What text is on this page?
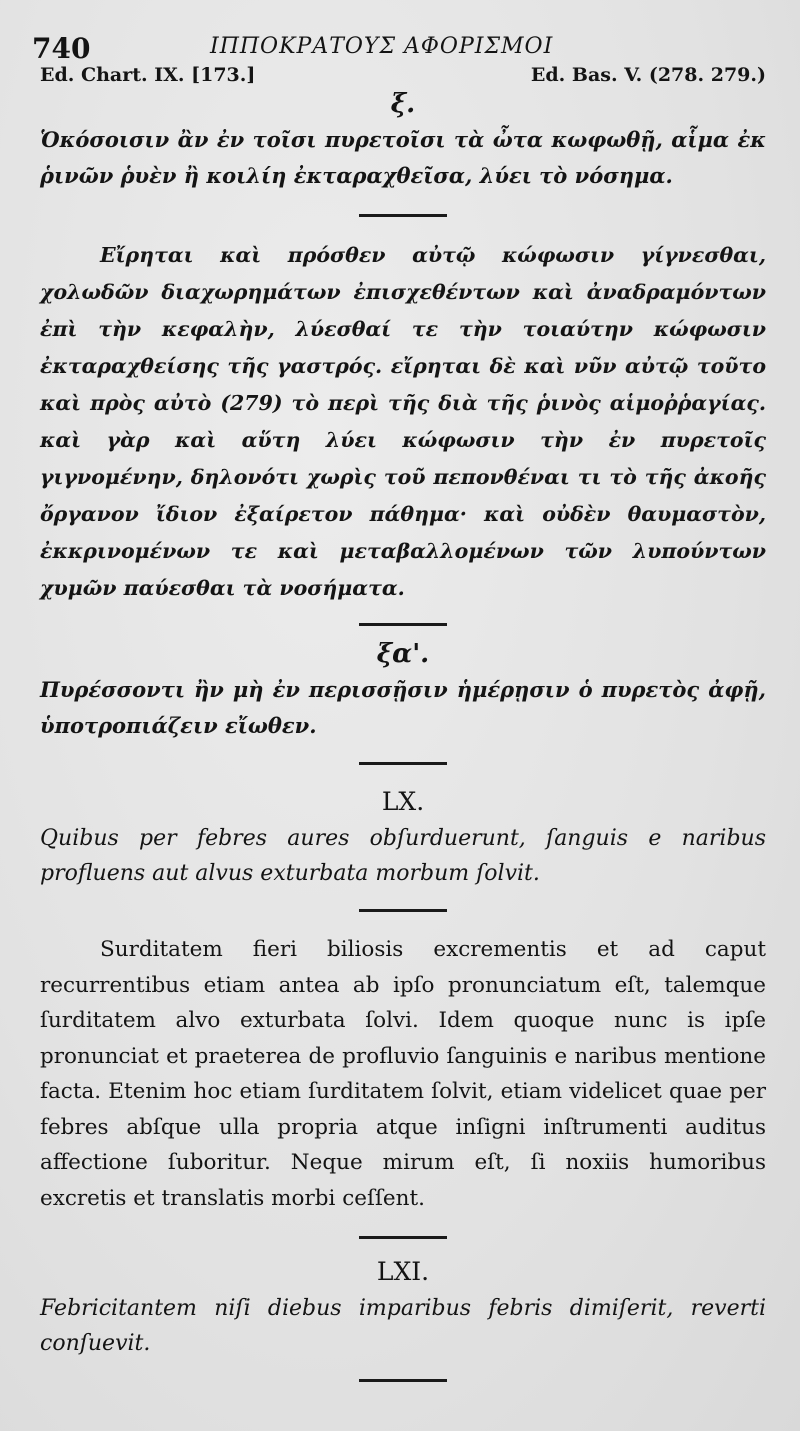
740	ΙΠΠΟΚΡΑΤΟΥΣ ΑΦΟΡΙΣΜΟΙ
Ed. Chart. IX. [173.]	Ed. Bas. V. (278. 279.)
ξ.

Ὁκόσοισιν ἂν ἐν τοῖσι πυρετοῖσι τὰ ὦτα κωφωθῇ, αἷμα ἐκ ῥινῶν ῥυὲν ἢ κοιλίη ἐκταραχθεῖσα, λύει τὸ νόσημα.

Εἴρηται καὶ πρόσθεν αὐτῷ κώφωσιν γίγνεσθαι, χολωδῶν διαχωρημάτων ἐπισχεθέντων καὶ ἀναδραμόντων ἐπὶ τὴν κεφαλὴν, λύεσθαί τε τὴν τοιαύτην κώφωσιν ἐκταραχθείσης τῆς γαστρός. εἴρηται δὲ καὶ νῦν αὐτῷ τοῦτο καὶ πρὸς αὐτὸ (279) τὸ περὶ τῆς διὰ τῆς ῥινὸς αἱμοῤῥαγίας. καὶ γὰρ καὶ αὕτη λύει κώφωσιν τὴν ἐν πυρετοῖς γιγνομένην, δηλονότι χωρὶς τοῦ πεπονθέναι τι τὸ τῆς ἀκοῆς ὄργανον ἴδιον ἐξαίρετον πάθημα· καὶ οὐδὲν θαυμαστὸν, ἐκκρινομένων τε καὶ μεταβαλλομένων τῶν λυπούντων χυμῶν παύεσθαι τὰ νοσήματα.

ξα'.

Πυρέσσοντι ἢν μὴ ἐν περισσῇσιν ἡμέρῃσιν ὁ πυρετὸς ἀφῇ, ὑποτροπιάζειν εἴωθεν.

LX.

Quibus per febres aures obſurduerunt, ſanguis e naribus profluens aut alvus exturbata morbum ſolvit.

Surditatem fieri biliosis excrementis et ad caput recurrentibus etiam antea ab ipſo pronunciatum eſt, talemque ſurditatem alvo exturbata ſolvi. Idem quoque nunc is ipſe pronunciat et praeterea de profluvio ſanguinis e naribus mentione facta. Etenim hoc etiam ſurditatem ſolvit, etiam videlicet quae per febres abſque ulla propria atque inſigni inſtrumenti auditus affectione ſuboritur. Neque mirum eſt, ſi noxiis humoribus excretis et translatis morbi ceſſent.

LXI.

Febricitantem niſi diebus imparibus febris dimiſerit, reverti conſuevit.
